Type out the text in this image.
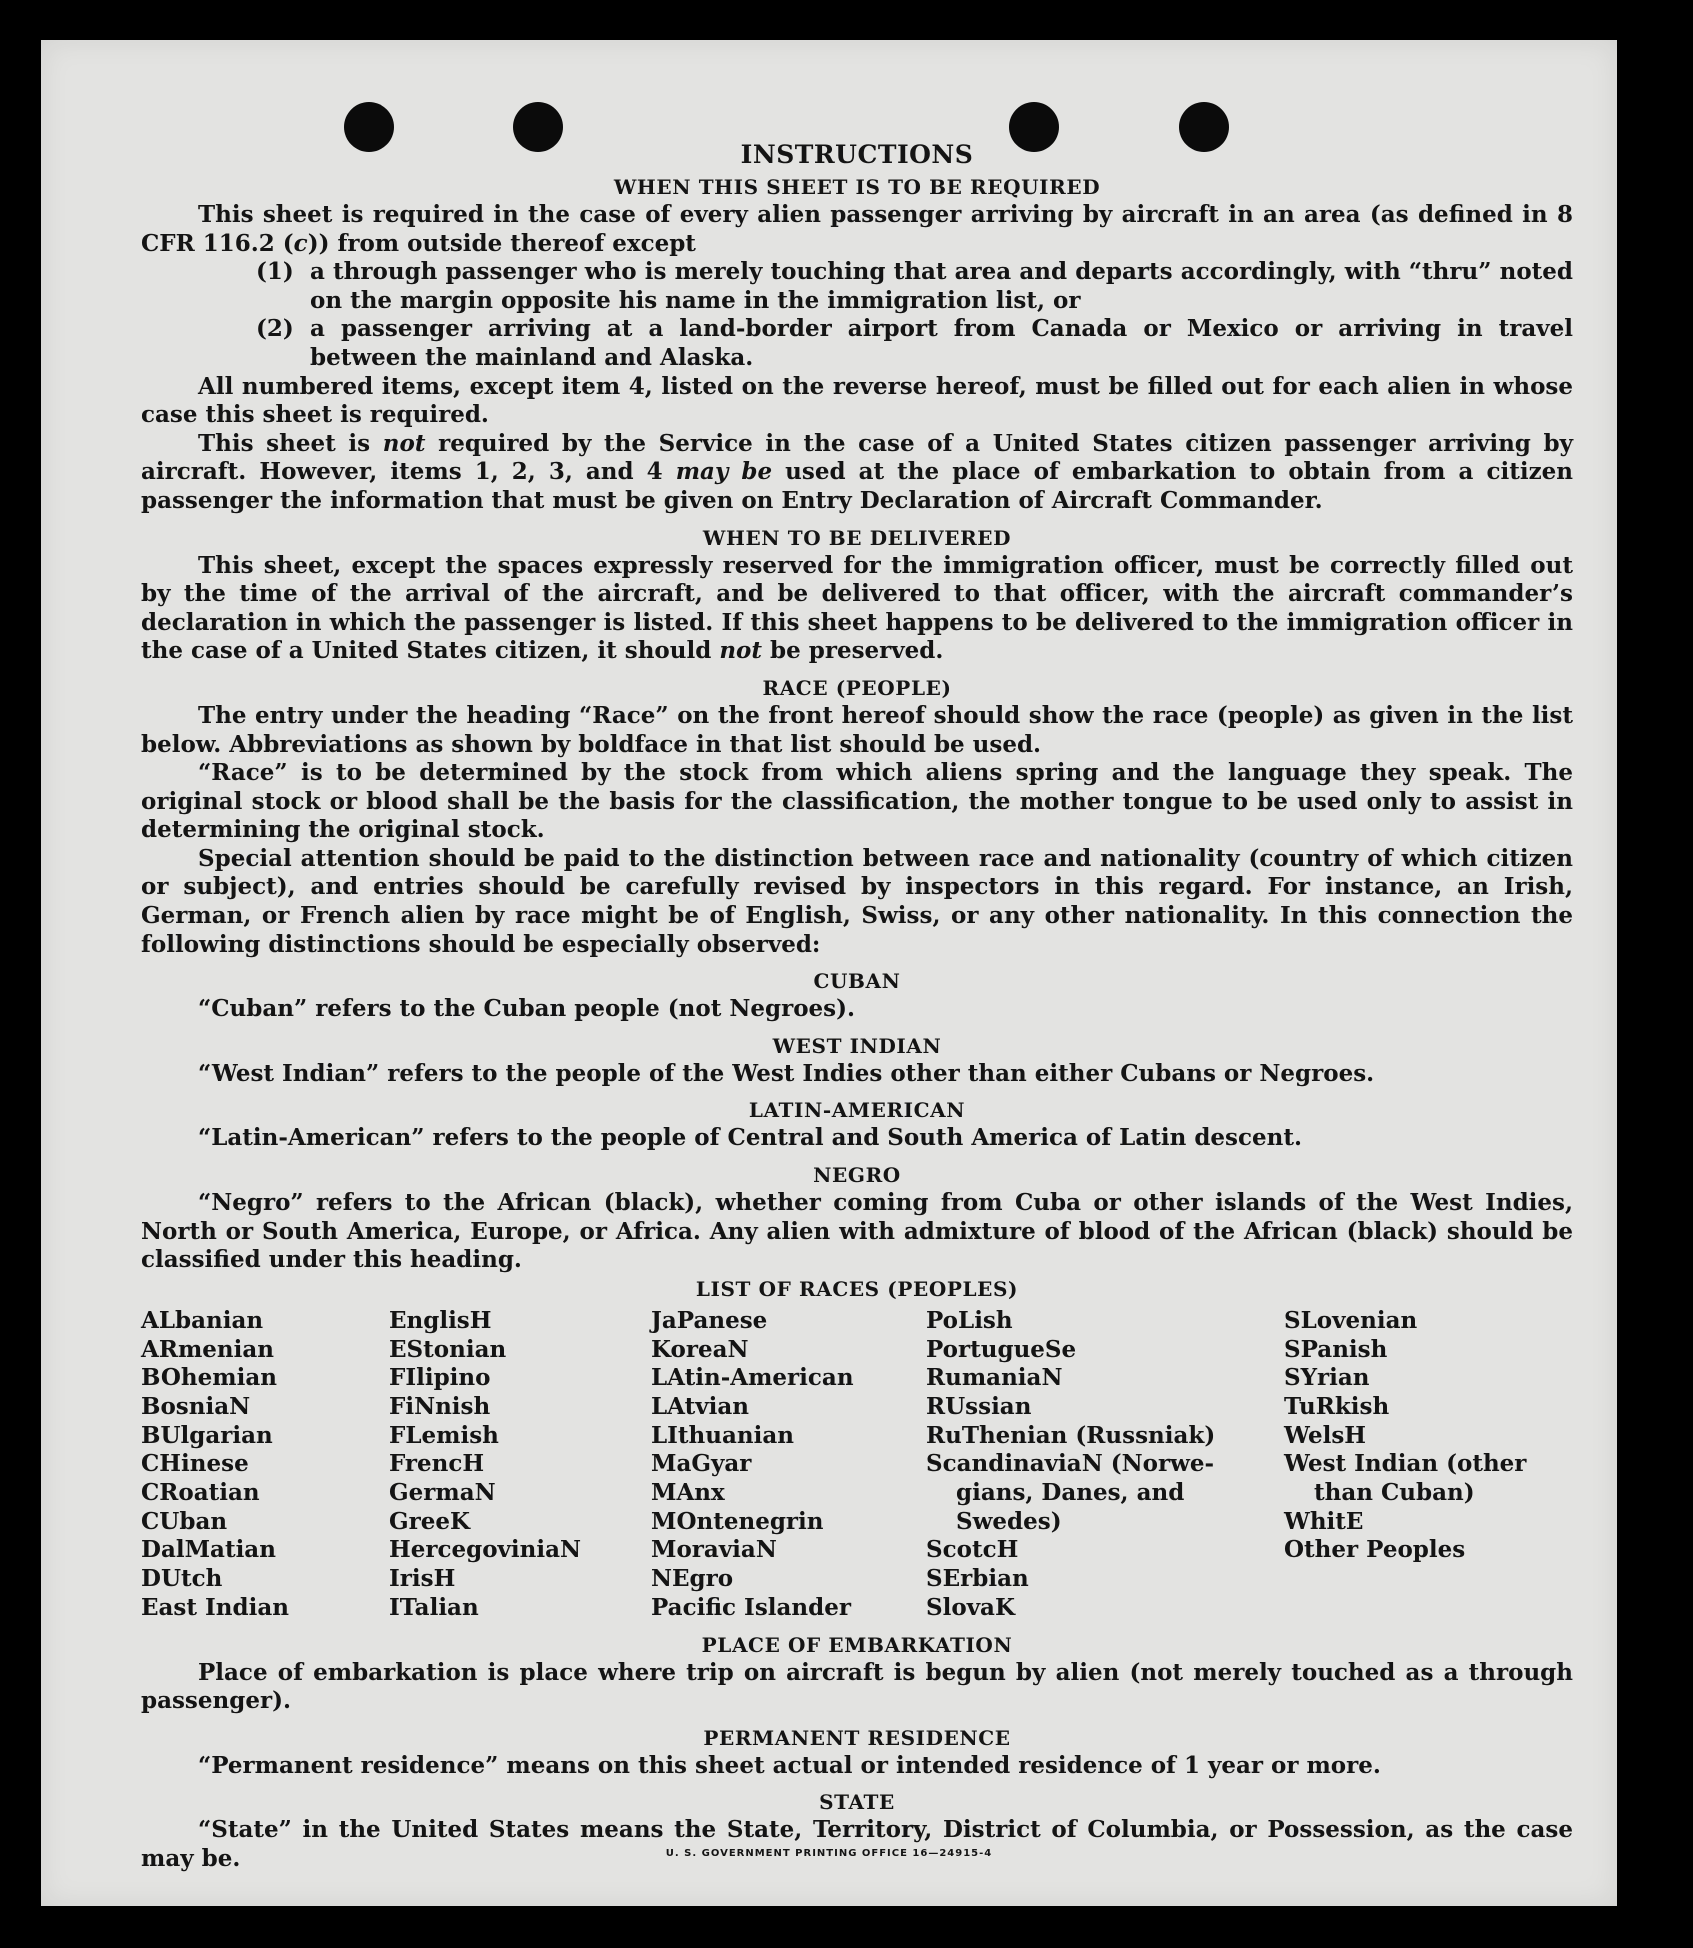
INSTRUCTIONS
WHEN THIS SHEET IS TO BE REQUIRED

This sheet is required in the case of every alien passenger arriving by aircraft in an area (as defined in 8 CFR 116.2 (c)) from outside thereof except

(1) a through passenger who is merely touching that area and departs accordingly, with “thru” noted on the margin opposite his name in the immigration list, or
(2) a passenger arriving at a land-border airport from Canada or Mexico or arriving in travel between the mainland and Alaska.

All numbered items, except item 4, listed on the reverse hereof, must be filled out for each alien in whose case this sheet is required.

This sheet is not required by the Service in the case of a United States citizen passenger arriving by aircraft. However, items 1, 2, 3, and 4 may be used at the place of embarkation to obtain from a citizen passenger the information that must be given on Entry Declaration of Aircraft Commander.

WHEN TO BE DELIVERED

This sheet, except the spaces expressly reserved for the immigration officer, must be correctly filled out by the time of the arrival of the aircraft, and be delivered to that officer, with the aircraft commander’s declaration in which the passenger is listed. If this sheet happens to be delivered to the immigration officer in the case of a United States citizen, it should not be preserved.

RACE (PEOPLE)

The entry under the heading “Race” on the front hereof should show the race (people) as given in the list below. Abbreviations as shown by boldface in that list should be used.

“Race” is to be determined by the stock from which aliens spring and the language they speak. The original stock or blood shall be the basis for the classification, the mother tongue to be used only to assist in determining the original stock.

Special attention should be paid to the distinction between race and nationality (country of which citizen or subject), and entries should be carefully revised by inspectors in this regard. For instance, an Irish, German, or French alien by race might be of English, Swiss, or any other nationality. In this connection the following distinctions should be especially observed:

CUBAN

“Cuban” refers to the Cuban people (not Negroes).

WEST INDIAN

“West Indian” refers to the people of the West Indies other than either Cubans or Negroes.

LATIN-AMERICAN

“Latin-American” refers to the people of Central and South America of Latin descent.

NEGRO

“Negro” refers to the African (black), whether coming from Cuba or other islands of the West Indies, North or South America, Europe, or Africa. Any alien with admixture of blood of the African (black) should be classified under this heading.

LIST OF RACES (PEOPLES)
ALbanian
ARmenian
BOhemian
BosniaN
BUlgarian
CHinese
CRoatian
CUban
DalMatian
DUtch
East Indian
EnglisH
EStonian
FIlipino
FiNnish
FLemish
FrencH
GermaN
GreeK
HercegoviniaN
IrisH
ITalian
JaPanese
KoreaN
LAtin-American
LAtvian
LIthuanian
MaGyar
MAnx
MOntenegrin
MoraviaN
NEgro
Pacific Islander
PoLish
PortugueSe
RumaniaN
RUssian
RuThenian (Russniak)
ScandinaviaN (Norwe-
gians, Danes, and
Swedes)
ScotcH
SErbian
SlovaK
SLovenian
SPanish
SYrian
TuRkish
WelsH
West Indian (other
than Cuban)
WhitE
Other Peoples
PLACE OF EMBARKATION

Place of embarkation is place where trip on aircraft is begun by alien (not merely touched as a through passenger).

PERMANENT RESIDENCE

“Permanent residence” means on this sheet actual or intended residence of 1 year or more.

STATE

“State” in the United States means the State, Territory, District of Columbia, or Possession, as the case may be.	U. S. GOVERNMENT PRINTING OFFICE 16—24915-4
